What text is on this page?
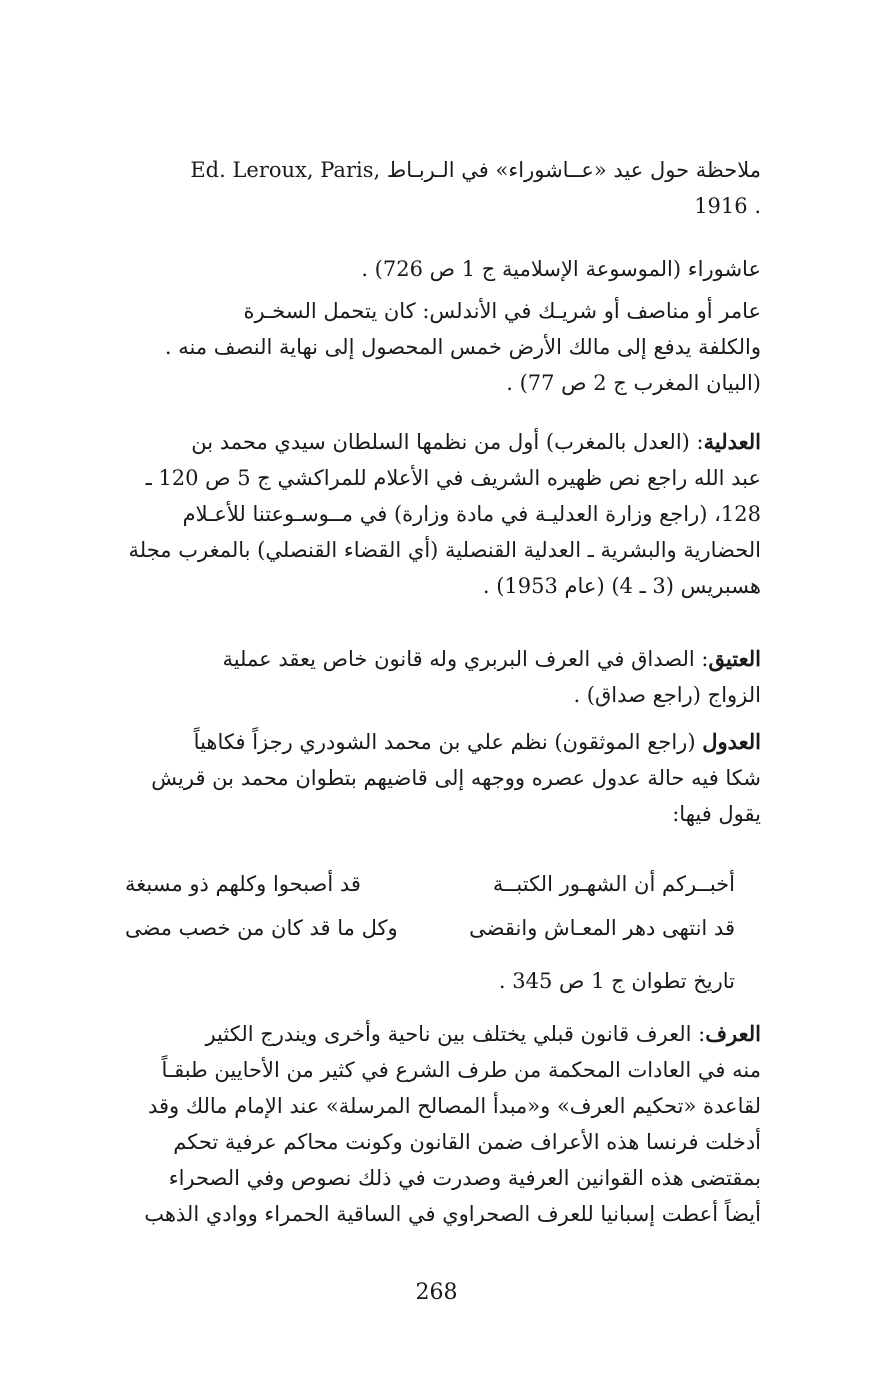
ملاحظة حول عيد «عــاشوراء» في الـربـاط Ed. Leroux, Paris,
. 1916
عاشوراء (الموسوعة الإسلامية ج 1 ص 726) .
عامر أو مناصف أو شريـك في الأندلس: كان يتحمل السخـرة
والكلفة يدفع إلى مالك الأرض خمس المحصول إلى نهاية النصف منه .
(البيان المغرب ج 2 ص 77) .
العدلية: (العدل بالمغرب) أول من نظمها السلطان سيدي محمد بن
عبد الله راجع نص ظهيره الشريف في الأعلام للمراكشي ج 5 ص 120 ـ
128، (راجع وزارة العدليـة في مادة وزارة) في مــوسـوعتنا للأعـلام
الحضارية والبشرية ـ العدلية القنصلية (أي القضاء القنصلي) بالمغرب مجلة
هسبريس (3 ـ 4) (عام 1953) .
العتيق: الصداق في العرف البربري وله قانون خاص يعقد عملية
الزواج (راجع صداق) .
العدول (راجع الموثقون) نظم علي بن محمد الشودري رجزاً فكاهياً
شكا فيه حالة عدول عصره ووجهه إلى قاضيهم بتطوان محمد بن قريش
يقول فيها:
أخبــركم أن الشهـور الكتبــة
قد أصبحوا وكلهم ذو مسبغة
قد انتهى دهر المعـاش وانقضى
وكل ما قد كان من خصب مضى
تاريخ تطوان ج 1 ص 345 .
العرف: العرف قانون قبلي يختلف بين ناحية وأخرى ويندرج الكثير
منه في العادات المحكمة من طرف الشرع في كثير من الأحايين طبقـاً
لقاعدة «تحكيم العرف» و«مبدأ المصالح المرسلة» عند الإمام مالك وقد
أدخلت فرنسا هذه الأعراف ضمن القانون وكونت محاكم عرفية تحكم
بمقتضى هذه القوانين العرفية وصدرت في ذلك نصوص وفي الصحراء
أيضاً أعطت إسبانيا للعرف الصحراوي في الساقية الحمراء ووادي الذهب
268
